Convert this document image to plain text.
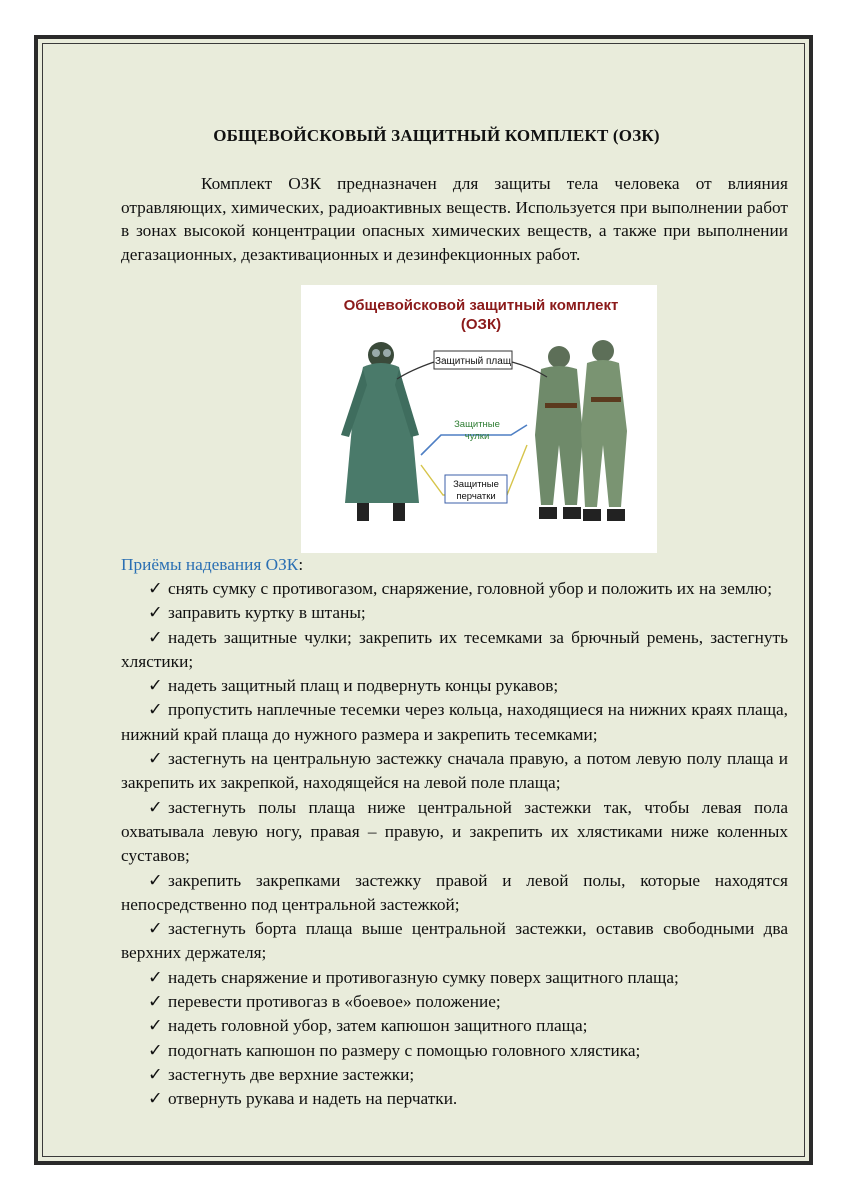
ОБЩЕВОЙСКОВЫЙ ЗАЩИТНЫЙ КОМПЛЕКТ (ОЗК)

Комплект ОЗК предназначен для защиты тела человека от влияния отравляющих, химических, радиоактивных веществ. Используется при выполнении работ в зонах высокой концентрации опасных химических веществ, а также при выполнении дегазационных, дезактивационных и дезинфекционных работ.

Общевойсковой защитный комплект
(ОЗК)
Защитный плащ
Защитные
чулки
Защитные
перчатки
Приёмы надевания ОЗК:
✓ снять сумку с противогазом, снаряжение, головной убор и положить их на землю;
✓ заправить куртку в штаны;
✓ надеть защитные чулки; закрепить их тесемками за брючный ремень, застегнуть хлястики;
✓ надеть защитный плащ и подвернуть концы рукавов;
✓ пропустить наплечные тесемки через кольца, находящиеся на нижних краях плаща, нижний край плаща до нужного размера и закрепить тесемками;
✓ застегнуть на центральную застежку сначала правую, а потом левую полу плаща и закрепить их закрепкой, находящейся на левой поле плаща;
✓ застегнуть полы плаща ниже центральной застежки так, чтобы левая пола охватывала левую ногу, правая – правую, и закрепить их хлястиками ниже коленных суставов;
✓ закрепить закрепками застежку правой и левой полы, которые находятся непосредственно под центральной застежкой;
✓ застегнуть борта плаща выше центральной застежки, оставив свободными два верхних держателя;
✓ надеть снаряжение и противогазную сумку поверх защитного плаща;
✓ перевести противогаз в «боевое» положение;
✓ надеть головной убор, затем капюшон защитного плаща;
✓ подогнать капюшон по размеру с помощью головного хлястика;
✓ застегнуть две верхние застежки;
✓ отвернуть рукава и надеть на перчатки.
